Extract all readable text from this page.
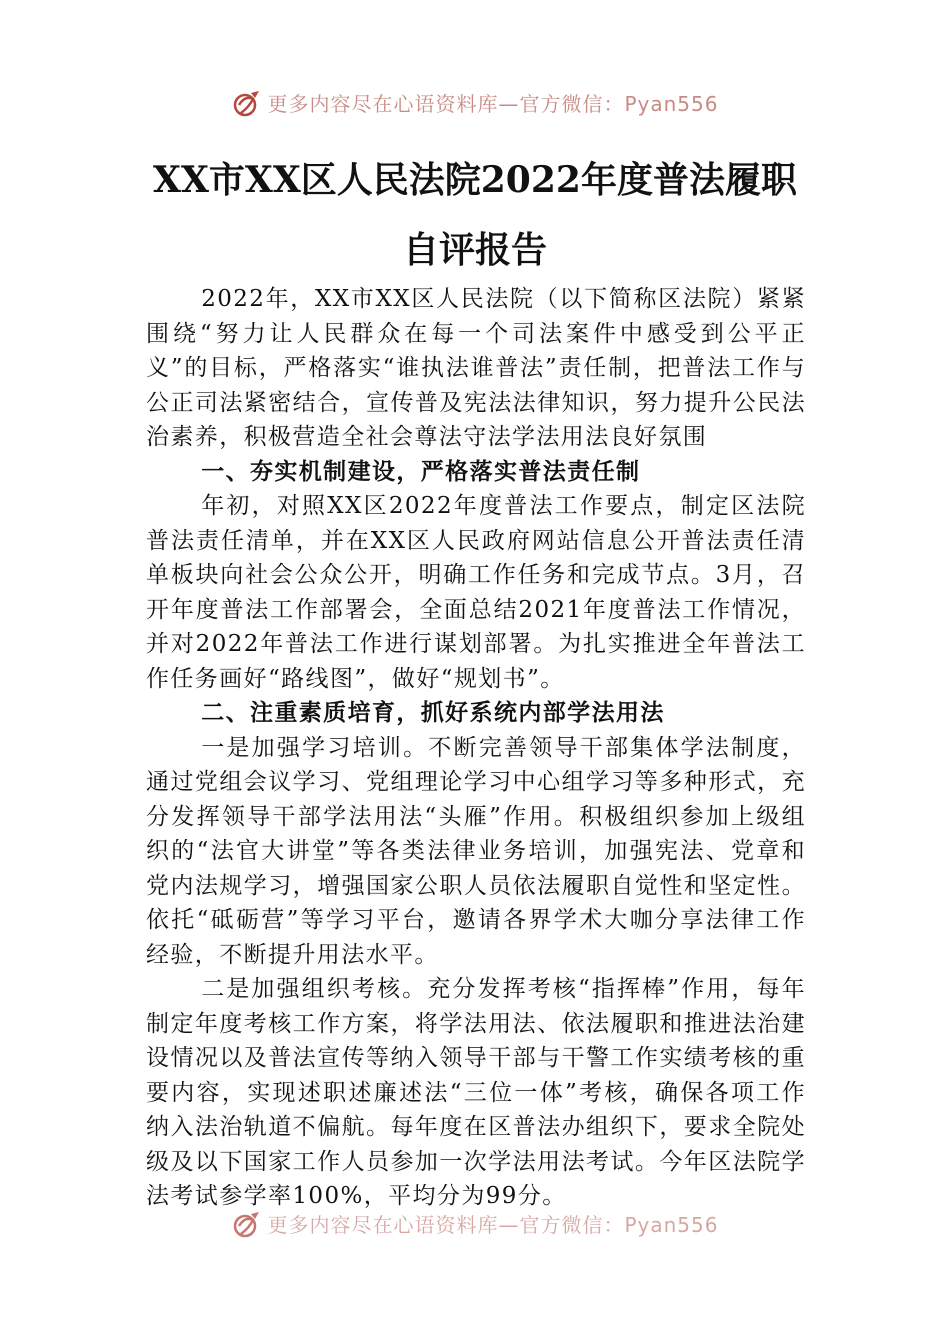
更多内容尽在心语资料库—官方微信：Pyan556
XX市XX区人民法院2022年度普法履职
自评报告

2022年，XX市XX区人民法院（以下简称区法院）紧紧围绕“努力让人民群众在每一个司法案件中感受到公平正义”的目标，严格落实“谁执法谁普法”责任制，把普法工作与公正司法紧密结合，宣传普及宪法法律知识，努力提升公民法治素养，积极营造全社会尊法守法学法用法良好氛围

一、夯实机制建设，严格落实普法责任制

年初，对照XX区2022年度普法工作要点，制定区法院普法责任清单，并在XX区人民政府网站信息公开普法责任清单板块向社会公众公开，明确工作任务和完成节点。3月，召开年度普法工作部署会，全面总结2021年度普法工作情况，并对2022年普法工作进行谋划部署。为扎实推进全年普法工作任务画好“路线图”，做好“规划书”。

二、注重素质培育，抓好系统内部学法用法

一是加强学习培训。不断完善领导干部集体学法制度，通过党组会议学习、党组理论学习中心组学习等多种形式，充分发挥领导干部学法用法“头雁”作用。积极组织参加上级组织的“法官大讲堂”等各类法律业务培训，加强宪法、党章和党内法规学习，增强国家公职人员依法履职自觉性和坚定性。依托“砥砺营”等学习平台，邀请各界学术大咖分享法律工作经验，不断提升用法水平。

二是加强组织考核。充分发挥考核“指挥棒”作用，每年制定年度考核工作方案，将学法用法、依法履职和推进法治建设情况以及普法宣传等纳入领导干部与干警工作实绩考核的重要内容，实现述职述廉述法“三位一体”考核，确保各项工作纳入法治轨道不偏航。每年度在区普法办组织下，要求全院处级及以下国家工作人员参加一次学法用法考试。今年区法院学法考试参学率100%，平均分为99分。

更多内容尽在心语资料库—官方微信：Pyan556
